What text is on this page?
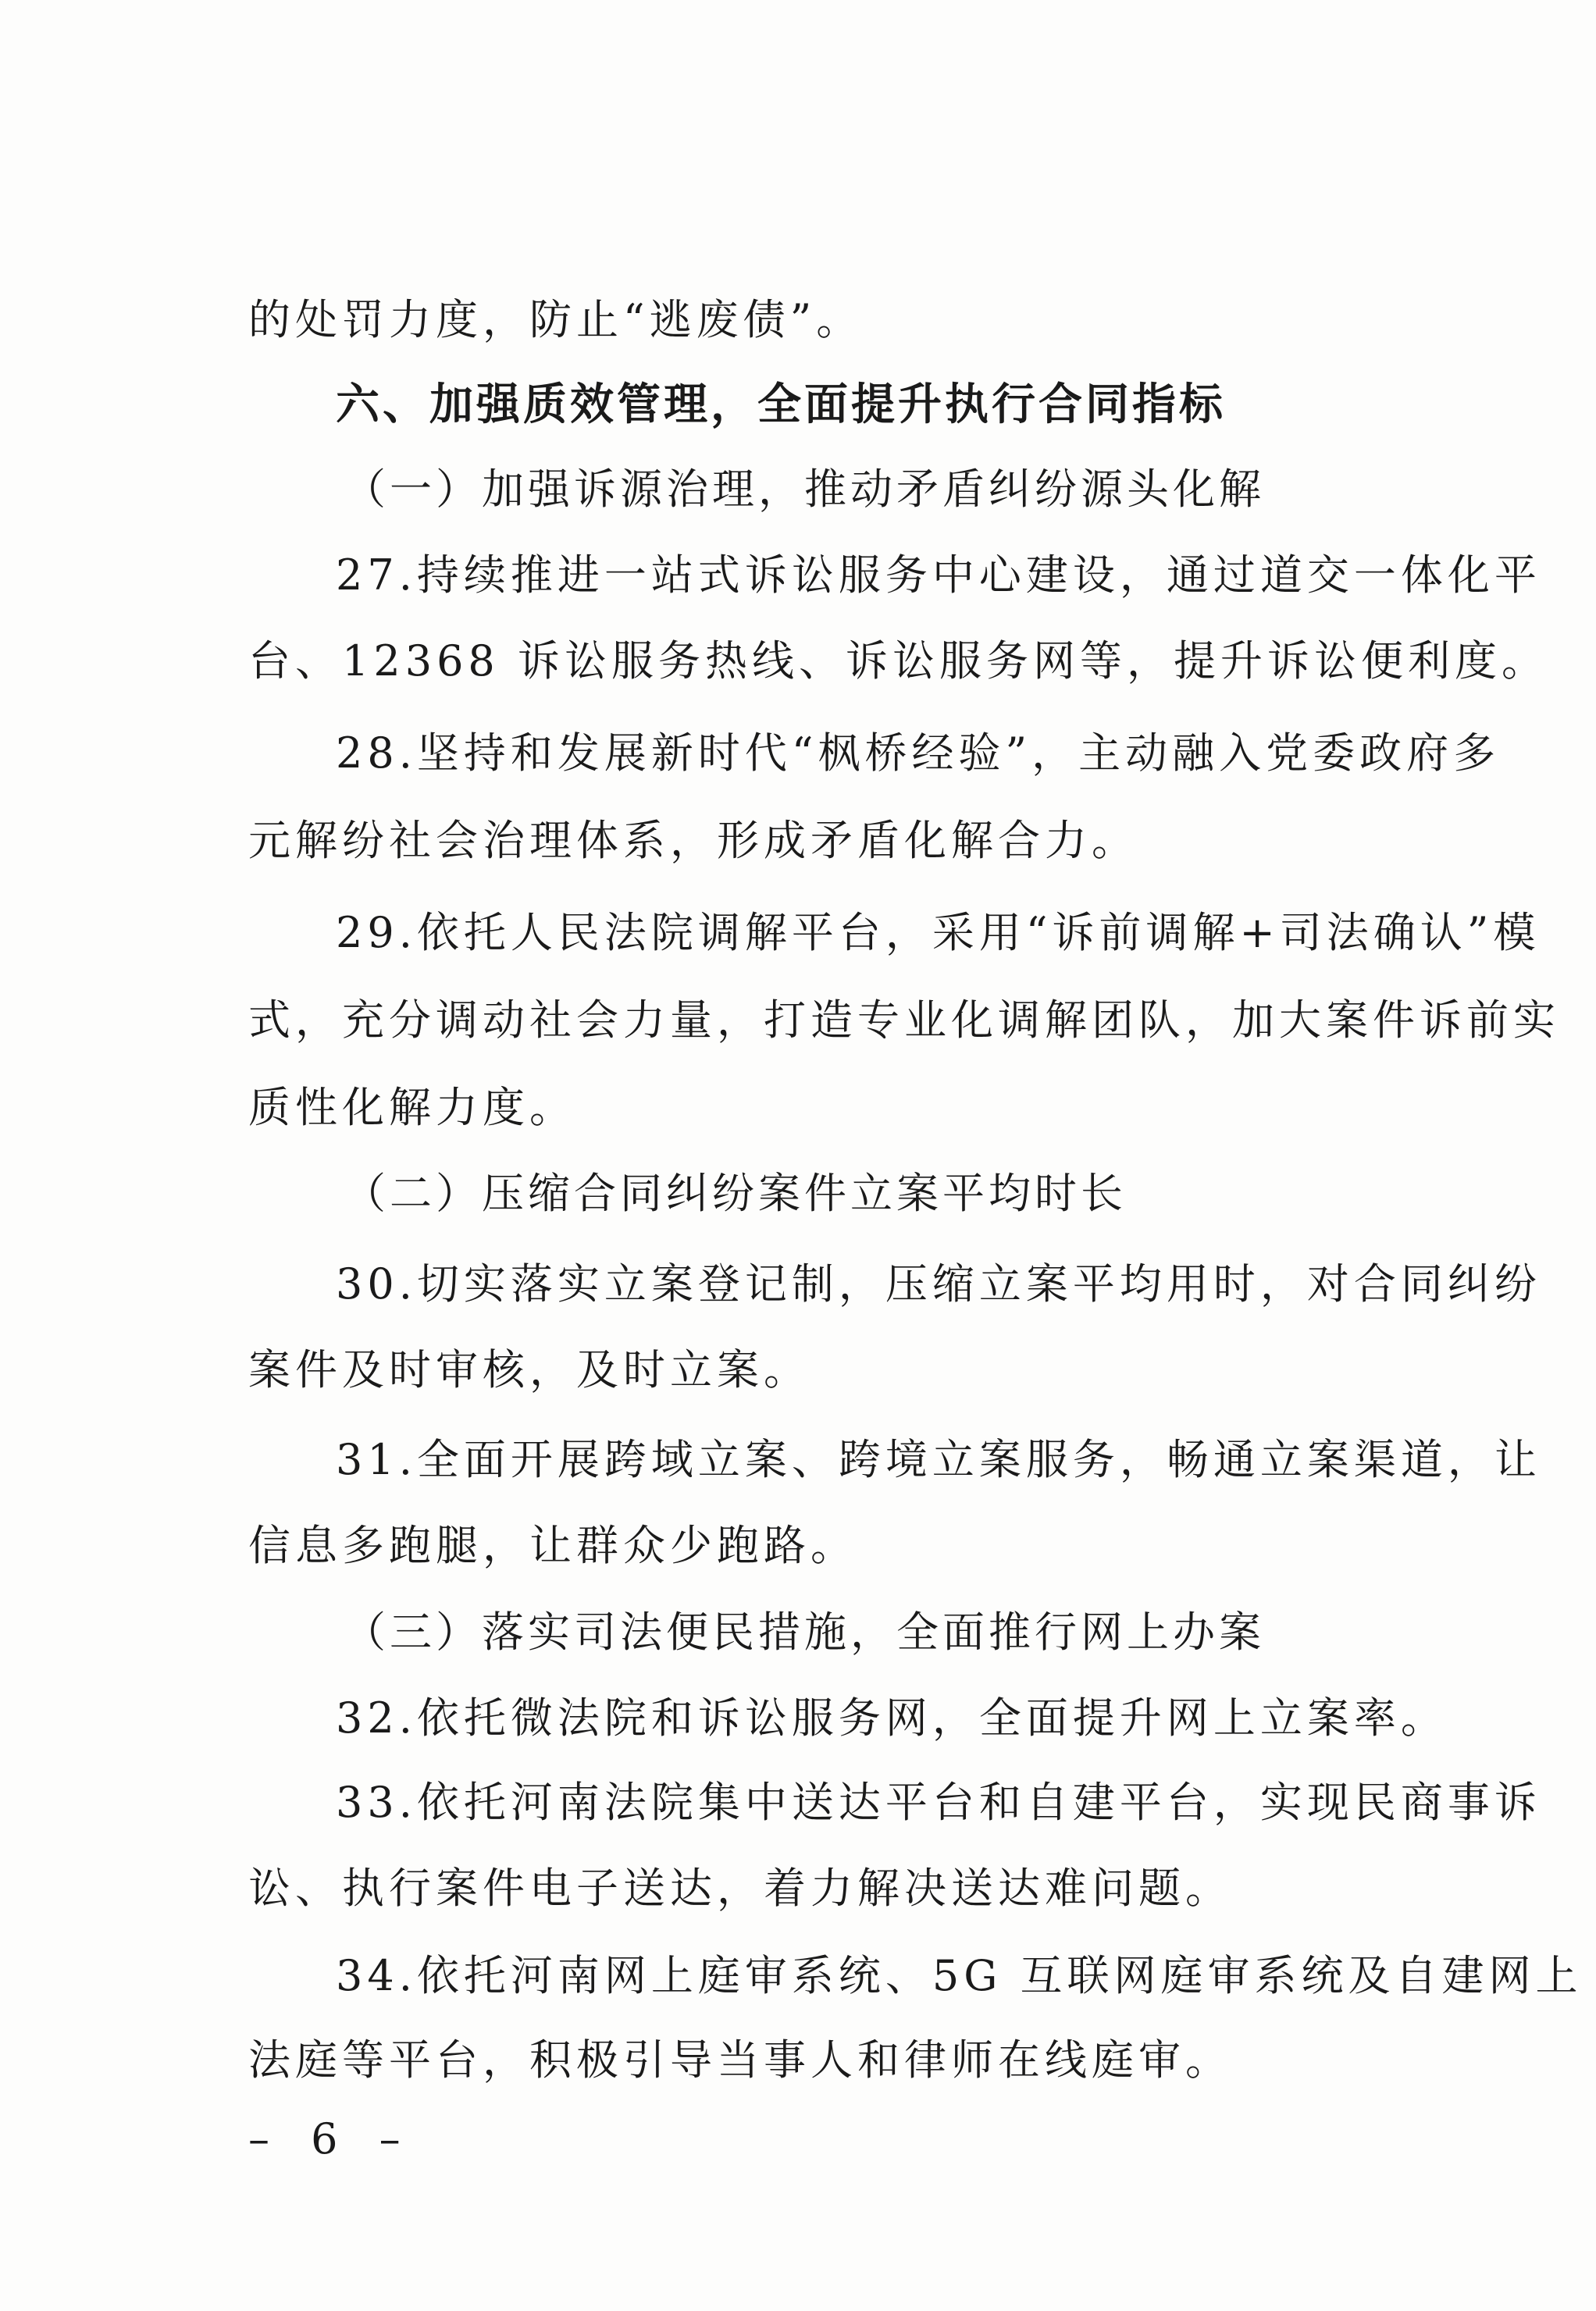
的处罚力度，防止“逃废债”。
六、加强质效管理，全面提升执行合同指标
（一）加强诉源治理，推动矛盾纠纷源头化解
27.持续推进一站式诉讼服务中心建设，通过道交一体化平
台、12368 诉讼服务热线、诉讼服务网等，提升诉讼便利度。
28.坚持和发展新时代“枫桥经验”，主动融入党委政府多
元解纷社会治理体系，形成矛盾化解合力。
29.依托人民法院调解平台，采用“诉前调解+司法确认”模
式，充分调动社会力量，打造专业化调解团队，加大案件诉前实
质性化解力度。
（二）压缩合同纠纷案件立案平均时长
30.切实落实立案登记制，压缩立案平均用时，对合同纠纷
案件及时审核，及时立案。
31.全面开展跨域立案、跨境立案服务，畅通立案渠道，让
信息多跑腿，让群众少跑路。
（三）落实司法便民措施，全面推行网上办案
32.依托微法院和诉讼服务网，全面提升网上立案率。
33.依托河南法院集中送达平台和自建平台，实现民商事诉
讼、执行案件电子送达，着力解决送达难问题。
34.依托河南网上庭审系统、5G 互联网庭审系统及自建网上
法庭等平台，积极引导当事人和律师在线庭审。
– 6 –
